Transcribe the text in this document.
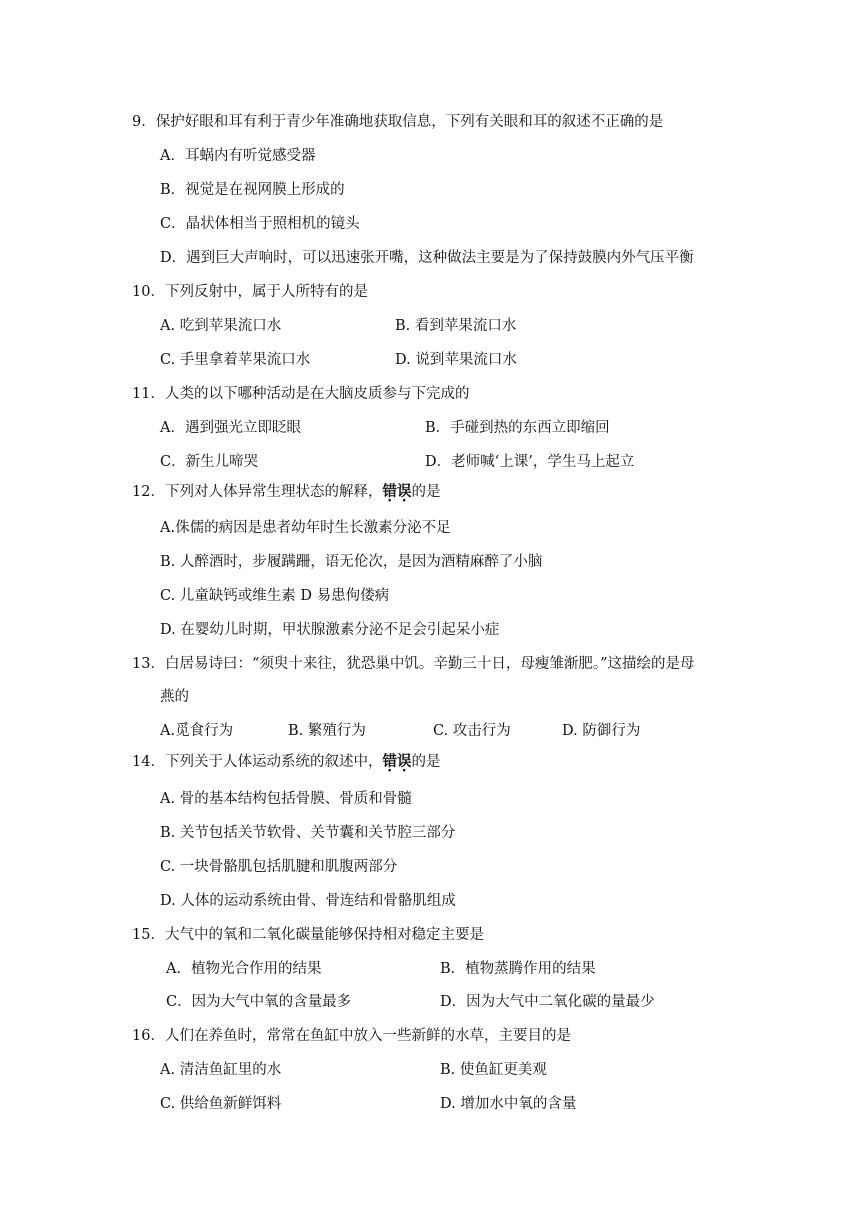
9．保护好眼和耳有利于青少年准确地获取信息，下列有关眼和耳的叙述不正确的是
A．耳蜗内有听觉感受器
B．视觉是在视网膜上形成的
C．晶状体相当于照相机的镜头
D．遇到巨大声响时，可以迅速张开嘴，这种做法主要是为了保持鼓膜内外气压平衡
10．下列反射中，属于人所特有的是
A. 吃到苹果流口水	B. 看到苹果流口水
C. 手里拿着苹果流口水	D. 说到苹果流口水
11．人类的以下哪种活动是在大脑皮质参与下完成的
A．遇到强光立即眨眼	B．手碰到热的东西立即缩回
C．新生儿啼哭	D．老师喊‘上课’，学生马上起立
12．下列对人体异常生理状态的解释，错误的是
A.侏儒的病因是患者幼年时生长激素分泌不足
B. 人醉酒时，步履蹒跚，语无伦次，是因为酒精麻醉了小脑
C. 儿童缺钙或维生素 D 易患佝偻病
D. 在婴幼儿时期，甲状腺激素分泌不足会引起呆小症
13．白居易诗曰：“须臾十来往，犹恐巢中饥。辛勤三十日，母瘦雏渐肥。”这描绘的是母
燕的
A.觅食行为	B. 繁殖行为	C. 攻击行为	D. 防御行为
14．下列关于人体运动系统的叙述中，错误的是
A. 骨的基本结构包括骨膜、骨质和骨髓
B. 关节包括关节软骨、关节囊和关节腔三部分
C. 一块骨骼肌包括肌腱和肌腹两部分
D. 人体的运动系统由骨、骨连结和骨骼肌组成
15．大气中的氧和二氧化碳量能够保持相对稳定主要是
A．植物光合作用的结果	B．植物蒸腾作用的结果
C．因为大气中氧的含量最多	D．因为大气中二氧化碳的量最少
16．人们在养鱼时，常常在鱼缸中放入一些新鲜的水草，主要目的是
A. 清洁鱼缸里的水	B. 使鱼缸更美观
C. 供给鱼新鲜饵料	D. 增加水中氧的含量
